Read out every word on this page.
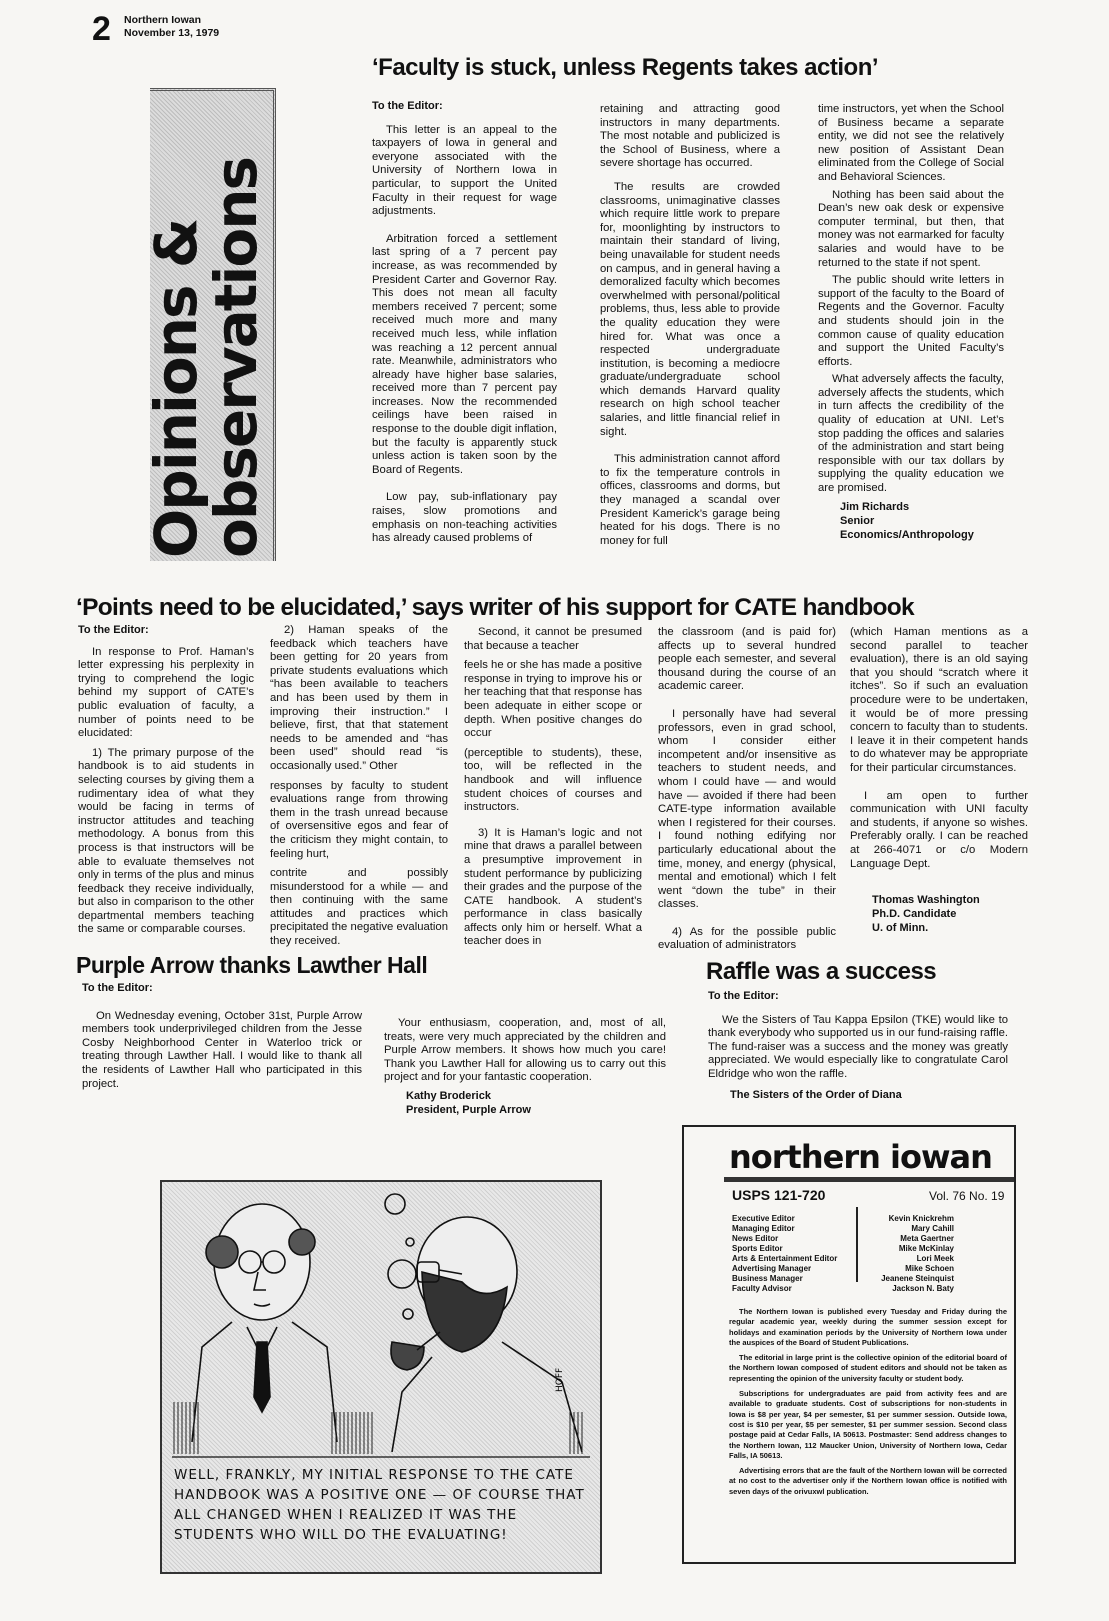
2 Northern Iowan
November 13, 1979
Opinions &
observations
‘Faculty is stuck, unless Regents takes action’
To the Editor:

This letter is an appeal to the taxpayers of Iowa in general and everyone associated with the University of Northern Iowa in particular, to support the United Faculty in their request for wage adjustments.

Arbitration forced a settlement last spring of a 7 percent pay increase, as was recommended by President Carter and Governor Ray. This does not mean all faculty members received 7 percent; some received much more and many received much less, while inflation was reaching a 12 percent annual rate. Meanwhile, administrators who already have higher base salaries, received more than 7 percent pay increases. Now the recommended ceilings have been raised in response to the double digit inflation, but the faculty is apparently stuck unless action is taken soon by the Board of Regents.

Low pay, sub-inflationary pay raises, slow promotions and emphasis on non-teaching activities has already caused problems of

retaining and attracting good instructors in many departments. The most notable and publicized is the School of Business, where a severe shortage has occurred.

The results are crowded classrooms, unimaginative classes which require little work to prepare for, moonlighting by instructors to maintain their standard of living, being unavailable for student needs on campus, and in general having a demoralized faculty which becomes overwhelmed with personal/political problems, thus, less able to provide the quality education they were hired for. What was once a respected undergraduate institution, is becoming a mediocre graduate/undergraduate school which demands Harvard quality research on high school teacher salaries, and little financial relief in sight.

This administration cannot afford to fix the temperature controls in offices, classrooms and dorms, but they managed a scandal over President Kamerick’s garage being heated for his dogs. There is no money for full

time instructors, yet when the School of Business became a separate entity, we did not see the relatively new position of Assistant Dean eliminated from the College of Social and Behavioral Sciences.

Nothing has been said about the Dean’s new oak desk or expensive computer terminal, but then, that money was not earmarked for faculty salaries and would have to be returned to the state if not spent.

The public should write letters in support of the faculty to the Board of Regents and the Governor. Faculty and students should join in the common cause of quality education and support the United Faculty’s efforts.

What adversely affects the faculty, adversely affects the students, which in turn affects the credibility of the quality of education at UNI. Let’s stop padding the offices and salaries of the administration and start being responsible with our tax dollars by supplying the quality education we are promised.

Jim Richards
Senior
Economics/Anthropology
‘Points need to be elucidated,’ says writer of his support for CATE handbook
To the Editor:

In response to Prof. Haman’s letter expressing his perplexity in trying to comprehend the logic behind my support of CATE’s public evaluation of faculty, a number of points need to be elucidated:

1) The primary purpose of the handbook is to aid students in selecting courses by giving them a rudimentary idea of what they would be facing in terms of instructor attitudes and teaching methodology. A bonus from this process is that instructors will be able to evaluate themselves not only in terms of the plus and minus feedback they receive individually, but also in comparison to the other departmental members teaching the same or comparable courses.

2) Haman speaks of the feedback which teachers have been getting for 20 years from private students evaluations which “has been available to teachers and has been used by them in improving their instruction.” I believe, first, that that statement needs to be amended and “has been used” should read “is occasionally used.” Other

responses by faculty to student evaluations range from throwing them in the trash unread because of oversensitive egos and fear of the criticism they might contain, to feeling hurt,

contrite and possibly misunderstood for a while — and then continuing with the same attitudes and practices which precipitated the negative evaluation they received.

Second, it cannot be presumed that because a teacher

feels he or she has made a positive response in trying to improve his or her teaching that that response has been adequate in either scope or depth. When positive changes do occur

(perceptible to students), these, too, will be reflected in the handbook and will influence student choices of courses and instructors.

3) It is Haman’s logic and not mine that draws a parallel between a presumptive improvement in student performance by publicizing their grades and the purpose of the CATE handbook. A student’s performance in class basically affects only him or herself. What a teacher does in

the classroom (and is paid for) affects up to several hundred people each semester, and several thousand during the course of an academic career.

I personally have had several professors, even in grad school, whom I consider either incompetent and/or insensitive as teachers to student needs, and whom I could have — and would have — avoided if there had been CATE-type information available when I registered for their courses. I found nothing edifying nor particularly educational about the time, money, and energy (physical, mental and emotional) which I felt went “down the tube” in their classes.

4) As for the possible public evaluation of administrators

(which Haman mentions as a second parallel to teacher evaluation), there is an old saying that you should “scratch where it itches”. So if such an evaluation procedure were to be undertaken, it would be of more pressing concern to faculty than to students. I leave it in their competent hands to do whatever may be appropriate for their particular circumstances.

I am open to further communication with UNI faculty and students, if anyone so wishes. Preferably orally. I can be reached at 266-4071 or c/o Modern Language Dept.

Thomas Washington
Ph.D. Candidate
U. of Minn.
Purple Arrow thanks Lawther Hall
To the Editor:

On Wednesday evening, October 31st, Purple Arrow members took underprivileged children from the Jesse Cosby Neighborhood Center in Waterloo trick or treating through Lawther Hall. I would like to thank all the residents of Lawther Hall who participated in this project.

Your enthusiasm, cooperation, and, most of all, treats, were very much appreciated by the children and Purple Arrow members. It shows how much you care! Thank you Lawther Hall for allowing us to carry out this project and for your fantastic cooperation.

Kathy Broderick
President, Purple Arrow
Raffle was a success
To the Editor:

We the Sisters of Tau Kappa Epsilon (TKE) would like to thank everybody who supported us in our fund-raising raffle. The fund-raiser was a success and the money was greatly appreciated. We would especially like to congratulate Carol Eldridge who won the raffle.

The Sisters of the Order of Diana
HOFF
WELL, FRANKLY, MY INITIAL RESPONSE TO THE CATE HANDBOOK WAS A POSITIVE ONE — OF COURSE THAT ALL CHANGED WHEN I REALIZED IT WAS THE STUDENTS WHO WILL DO THE EVALUATING!
northern iowan
USPS 121-720	Vol. 76 No. 19
Executive Editor
Managing Editor
News Editor
Sports Editor
Arts & Entertainment Editor
Advertising Manager
Business Manager
Faculty Advisor
Kevin Knickrehm
Mary Cahill
Meta Gaertner
Mike McKinlay
Lori Meek
Mike Schoen
Jeanene Steinquist
Jackson N. Baty

The Northern Iowan is published every Tuesday and Friday during the regular academic year, weekly during the summer session except for holidays and examination periods by the University of Northern Iowa under the auspices of the Board of Student Publications.

The editorial in large print is the collective opinion of the editorial board of the Northern Iowan composed of student editors and should not be taken as representing the opinion of the university faculty or student body.

Subscriptions for undergraduates are paid from activity fees and are available to graduate students. Cost of subscriptions for non-students in Iowa is $8 per year, $4 per semester, $1 per summer session. Outside Iowa, cost is $10 per year, $5 per semester, $1 per summer session. Second class postage paid at Cedar Falls, IA 50613. Postmaster: Send address changes to the Northern Iowan, 112 Maucker Union, University of Northern Iowa, Cedar Falls, IA 50613.

Advertising errors that are the fault of the Northern Iowan will be corrected at no cost to the advertiser only if the Northern Iowan office is notified with seven days of the orivuxwl publication.
